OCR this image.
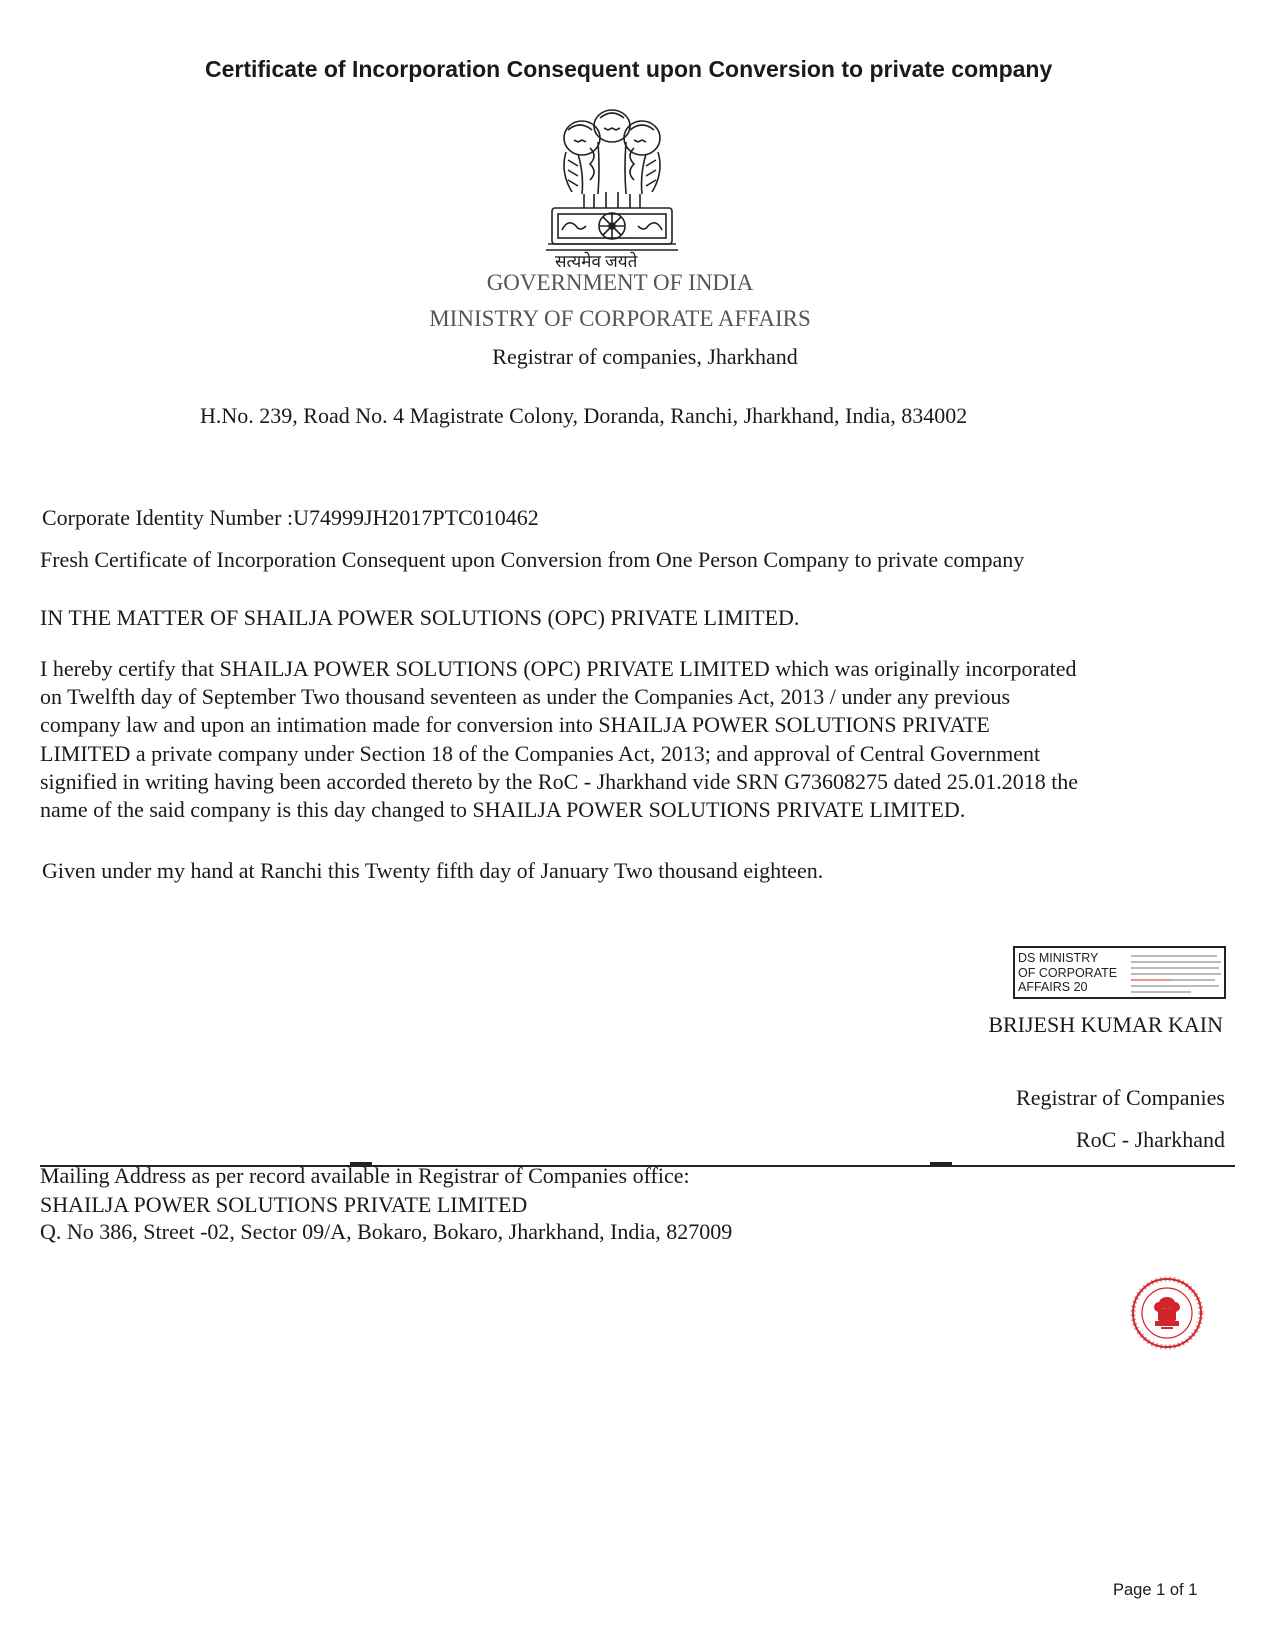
Certificate of Incorporation Consequent upon Conversion to private company
सत्यमेव जयते
GOVERNMENT OF INDIA
MINISTRY OF CORPORATE AFFAIRS
Registrar of companies, Jharkhand
H.No. 239, Road No. 4 Magistrate Colony, Doranda, Ranchi, Jharkhand, India, 834002
Corporate Identity Number :U74999JH2017PTC010462
Fresh Certificate of Incorporation Consequent upon Conversion from One Person Company to private company
IN THE MATTER OF SHAILJA POWER SOLUTIONS (OPC) PRIVATE LIMITED.
I hereby certify that SHAILJA POWER SOLUTIONS (OPC) PRIVATE LIMITED which was originally incorporated
on Twelfth day of September Two thousand seventeen as under the Companies Act, 2013 / under any previous
company law and upon an intimation made for conversion into SHAILJA POWER SOLUTIONS PRIVATE
LIMITED a private company under Section 18 of the Companies Act, 2013; and approval of Central Government
signified in writing having been accorded thereto by the RoC - Jharkhand vide SRN G73608275 dated 25.01.2018 the
name of the said company is this day changed to SHAILJA POWER SOLUTIONS PRIVATE LIMITED.
Given under my hand at Ranchi this Twenty fifth day of January Two thousand eighteen.
DS MINISTRY
OF CORPORATE
AFFAIRS 20
BRIJESH KUMAR KAIN
Registrar of Companies
RoC - Jharkhand
Mailing Address as per record available in Registrar of Companies office:
SHAILJA POWER SOLUTIONS PRIVATE LIMITED
Q. No 386, Street -02, Sector 09/A, Bokaro, Bokaro, Jharkhand, India, 827009
Page 1 of 1
